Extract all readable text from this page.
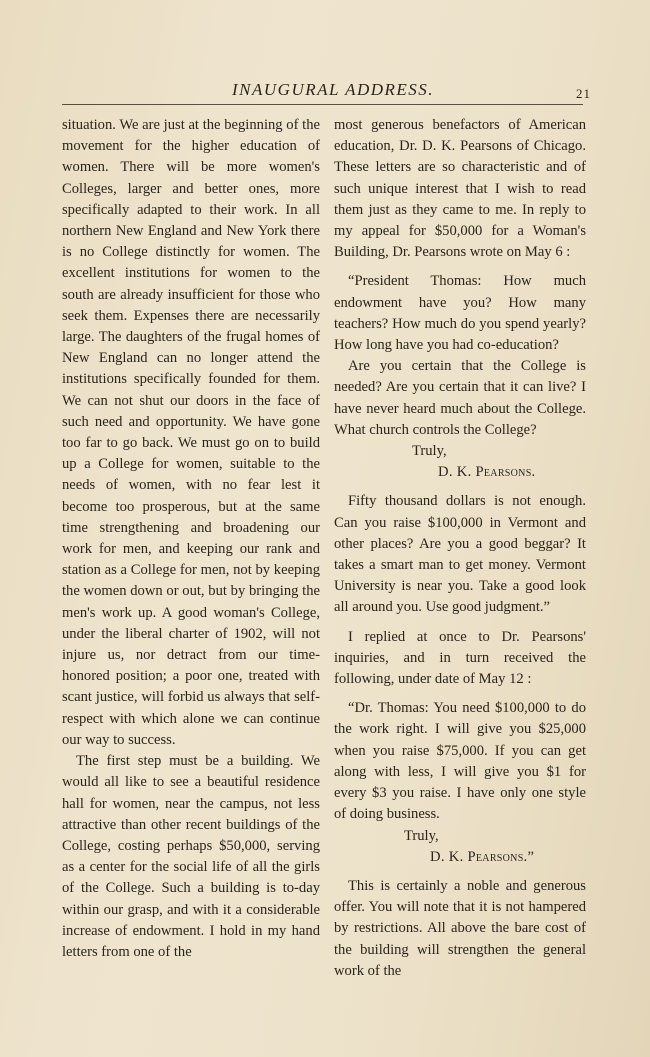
INAUGURAL ADDRESS.	21

situation. We are just at the beginning of the movement for the higher education of women. There will be more women's Colleges, larger and better ones, more specifically adapted to their work. In all northern New England and New York there is no College distinctly for women. The excellent institutions for women to the south are already insufficient for those who seek them. Expenses there are necessarily large. The daughters of the frugal homes of New England can no longer attend the institutions specifically founded for them. We can not shut our doors in the face of such need and opportunity. We have gone too far to go back. We must go on to build up a College for women, suitable to the needs of women, with no fear lest it become too prosperous, but at the same time strengthening and broadening our work for men, and keeping our rank and station as a College for men, not by keeping the women down or out, but by bringing the men's work up. A good woman's College, under the liberal charter of 1902, will not injure us, nor detract from our time-honored position; a poor one, treated with scant justice, will forbid us always that self-respect with which alone we can continue our way to success.

The first step must be a building. We would all like to see a beautiful residence hall for women, near the campus, not less attractive than other recent buildings of the College, costing perhaps $50,000, serving as a center for the social life of all the girls of the College. Such a building is to-day within our grasp, and with it a considerable increase of endowment. I hold in my hand letters from one of the

most generous benefactors of American education, Dr. D. K. Pearsons of Chicago. These letters are so characteristic and of such unique interest that I wish to read them just as they came to me. In reply to my appeal for $50,000 for a Woman's Building, Dr. Pearsons wrote on May 6 :

“President Thomas: How much endowment have you? How many teachers? How much do you spend yearly? How long have you had co-education?

Are you certain that the College is needed? Are you certain that it can live? I have never heard much about the College. What church controls the College?

Truly,

D. K. Pearsons.

Fifty thousand dollars is not enough. Can you raise $100,000 in Vermont and other places? Are you a good beggar? It takes a smart man to get money. Vermont University is near you. Take a good look all around you. Use good judgment.”

I replied at once to Dr. Pearsons' inquiries, and in turn received the following, under date of May 12 :

“Dr. Thomas: You need $100,000 to do the work right. I will give you $25,000 when you raise $75,000. If you can get along with less, I will give you $1 for every $3 you raise. I have only one style of doing business.

Truly,

D. K. Pearsons.”

This is certainly a noble and generous offer. You will note that it is not hampered by restrictions. All above the bare cost of the building will strengthen the general work of the
